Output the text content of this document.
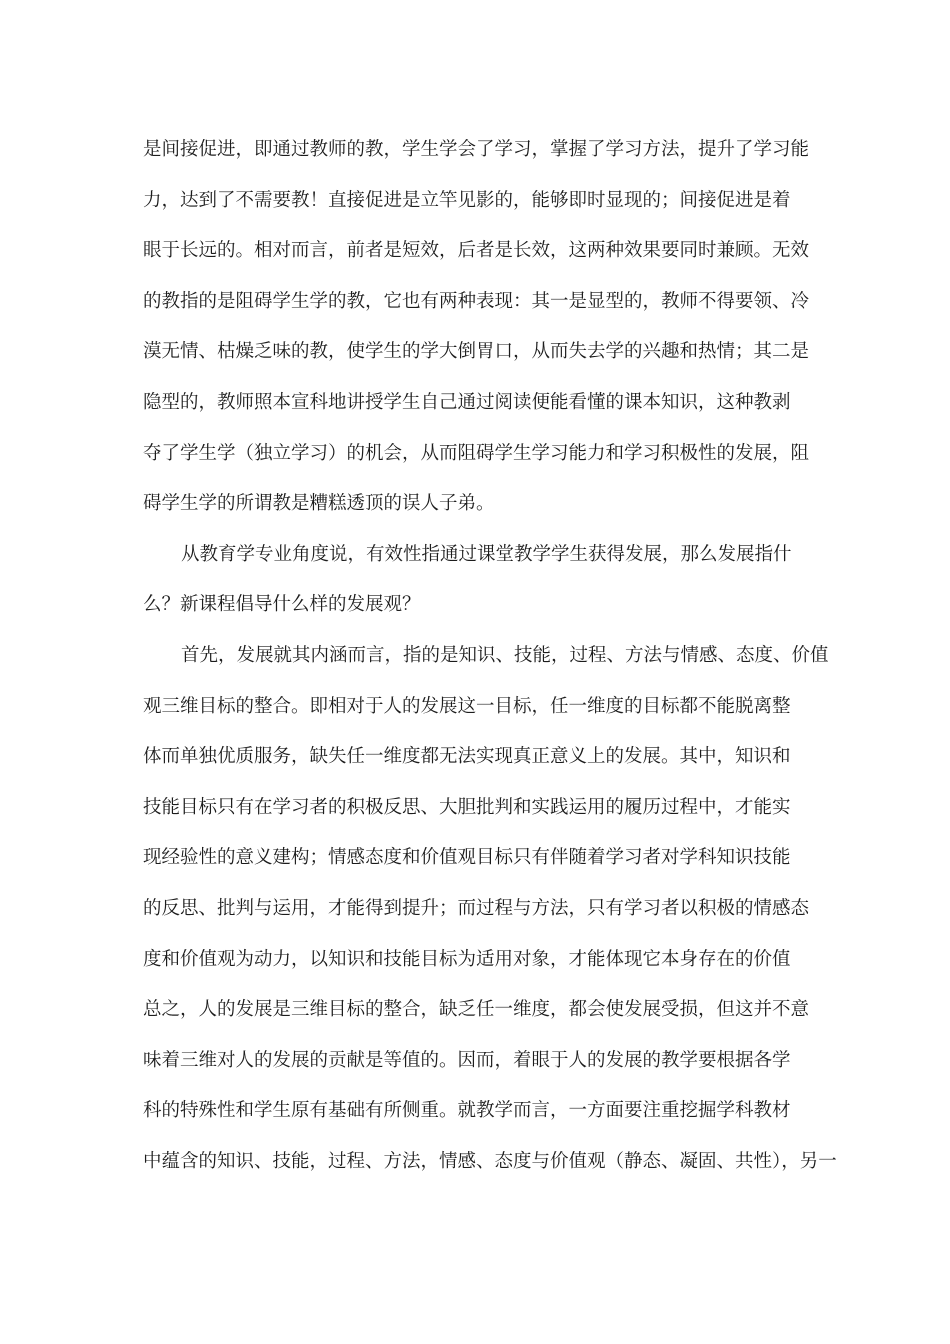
是间接促进，即通过教师的教，学生学会了学习，掌握了学习方法，提升了学习能
力，达到了不需要教！直接促进是立竿见影的，能够即时显现的；间接促进是着
眼于长远的。相对而言，前者是短效，后者是长效，这两种效果要同时兼顾。无效
的教指的是阻碍学生学的教，它也有两种表现：其一是显型的，教师不得要领、冷
漠无情、枯燥乏味的教，使学生的学大倒胃口，从而失去学的兴趣和热情；其二是
隐型的，教师照本宣科地讲授学生自己通过阅读便能看懂的课本知识，这种教剥
夺了学生学（独立学习）的机会，从而阻碍学生学习能力和学习积极性的发展，阻
碍学生学的所谓教是糟糕透顶的误人子弟。
从教育学专业角度说，有效性指通过课堂教学学生获得发展，那么发展指什
么？新课程倡导什么样的发展观？
首先，发展就其内涵而言，指的是知识、技能，过程、方法与情感、态度、价值
观三维目标的整合。即相对于人的发展这一目标，任一维度的目标都不能脱离整
体而单独优质服务，缺失任一维度都无法实现真正意义上的发展。其中，知识和
技能目标只有在学习者的积极反思、大胆批判和实践运用的履历过程中，才能实
现经验性的意义建构；情感态度和价值观目标只有伴随着学习者对学科知识技能
的反思、批判与运用，才能得到提升；而过程与方法，只有学习者以积极的情感态
度和价值观为动力，以知识和技能目标为适用对象，才能体现它本身存在的价值
总之，人的发展是三维目标的整合，缺乏任一维度，都会使发展受损，但这并不意
味着三维对人的发展的贡献是等值的。因而，着眼于人的发展的教学要根据各学
科的特殊性和学生原有基础有所侧重。就教学而言，一方面要注重挖掘学科教材
中蕴含的知识、技能，过程、方法，情感、态度与价值观（静态、凝固、共性），另一
